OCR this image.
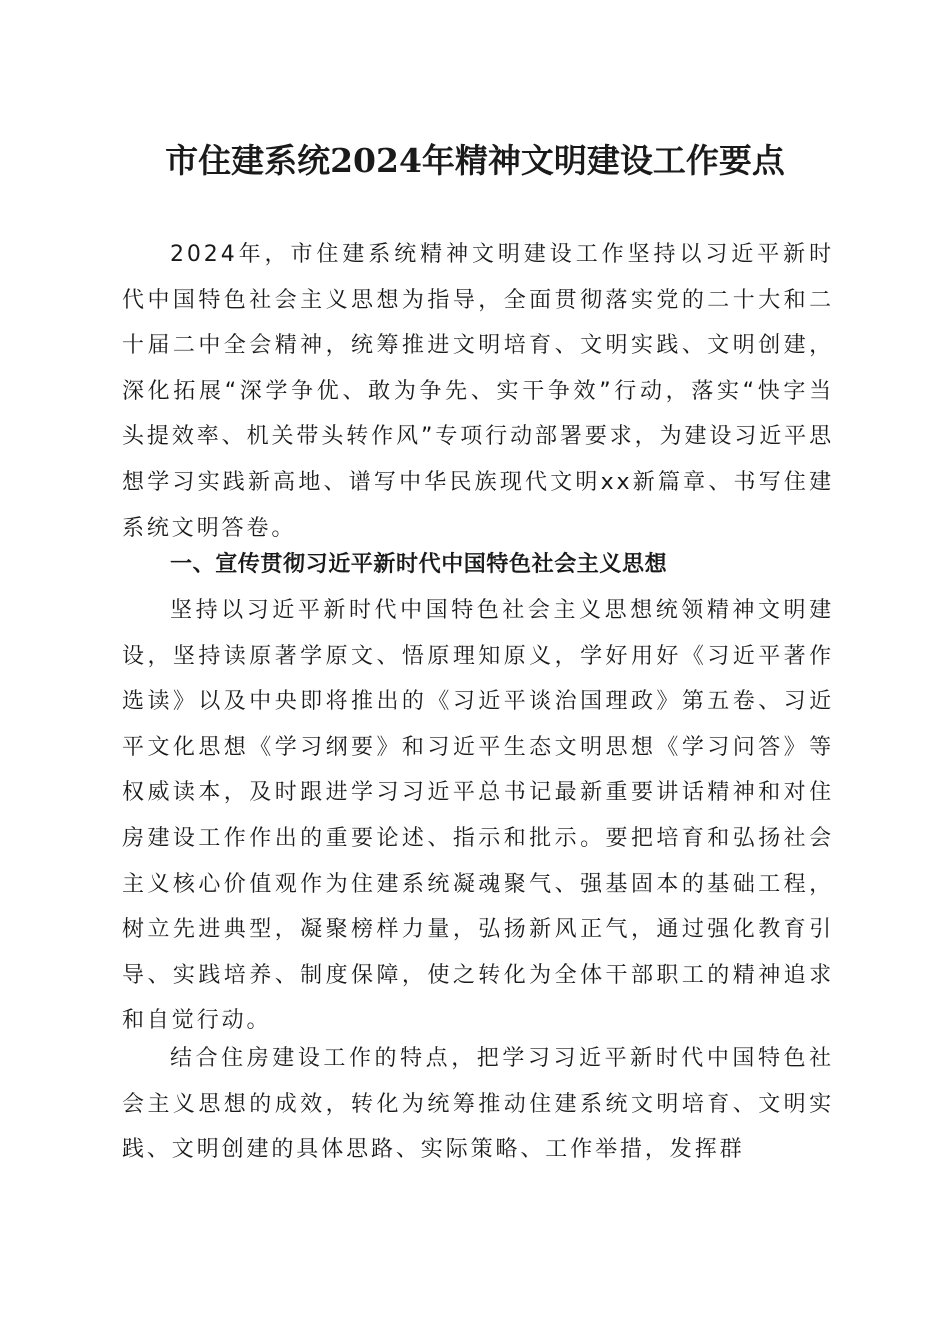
市住建系统2024年精神文明建设工作要点

2024年，市住建系统精神文明建设工作坚持以习近平新时代中国特色社会主义思想为指导，全面贯彻落实党的二十大和二十届二中全会精神，统筹推进文明培育、文明实践、文明创建，深化拓展“深学争优、敢为争先、实干争效”行动，落实“快字当头提效率、机关带头转作风”专项行动部署要求，为建设习近平思想学习实践新高地、谱写中华民族现代文明xx新篇章、书写住建系统文明答卷。

一、宣传贯彻习近平新时代中国特色社会主义思想

坚持以习近平新时代中国特色社会主义思想统领精神文明建设，坚持读原著学原文、悟原理知原义，学好用好《习近平著作选读》以及中央即将推出的《习近平谈治国理政》第五卷、习近平文化思想《学习纲要》和习近平生态文明思想《学习问答》等权威读本，及时跟进学习习近平总书记最新重要讲话精神和对住房建设工作作出的重要论述、指示和批示。要把培育和弘扬社会主义核心价值观作为住建系统凝魂聚气、强基固本的基础工程，树立先进典型，凝聚榜样力量，弘扬新风正气，通过强化教育引导、实践培养、制度保障，使之转化为全体干部职工的精神追求和自觉行动。

结合住房建设工作的特点，把学习习近平新时代中国特色社会主义思想的成效，转化为统筹推动住建系统文明培育、文明实践、文明创建的具体思路、实际策略、工作举措，发挥群
